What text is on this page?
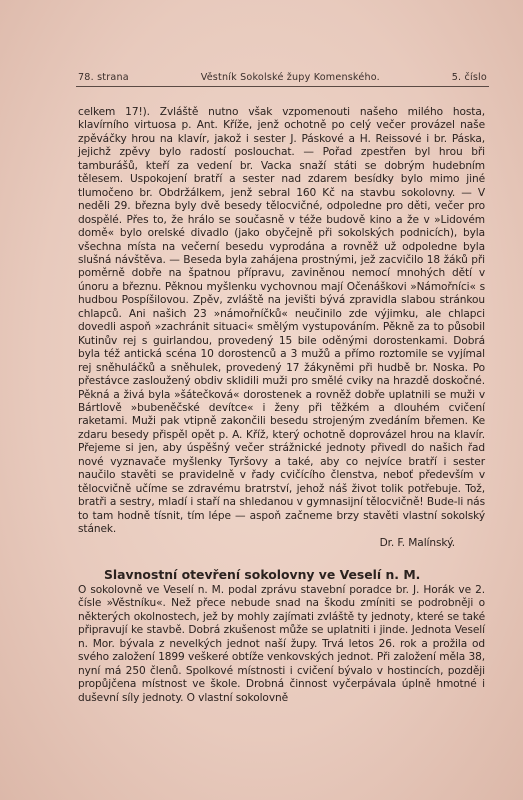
78. strana	Věstník Sokolské župy Komenského.	5. číslo

celkem 17!). Zvláště nutno však vzpomenouti našeho milého hosta, klavírního virtuosa p. Ant. Kříže, jenž ochotně po celý večer provázel naše zpěváčky hrou na klavír, jakož i sester J. Páskové a H. Reissové i br. Páska, jejichž zpěvy bylo radostí poslouchat. — Pořad zpestřen byl hrou bři tamburášů, kteří za vedení br. Vacka snaží státi se dobrým hudebním tělesem. Uspokojení bratří a sester nad zdarem besídky bylo mimo jiné tlumočeno br. Obdržálkem, jenž sebral 160 Kč na stavbu sokolovny. — V neděli 29. března byly dvě besedy tělocvičné, odpoledne pro děti, večer pro dospělé. Přes to, že hrálo se současně v téže budově kino a že v »Lidovém domě« bylo orelské divadlo (jako obyčejně při sokolských podnicích), byla všechna místa na večerní besedu vyprodána a rovněž už odpoledne byla slušná návštěva. — Beseda byla zahájena prostnými, jež zacvičilo 18 žáků při poměrně dobře na špatnou přípravu, zaviněnou nemocí mnohých dětí v únoru a březnu. Pěknou myšlenku vychovnou mají Očenáškovi »Námořníci« s hudbou Pospíšilovou. Zpěv, zvláště na jevišti bývá zpravidla slabou stránkou chlapců. Ani našich 23 »námořníčků« neučinilo zde výjimku, ale chlapci dovedli aspoň »zachránit situaci« smělým vystupováním. Pěkně za to působil Kutinův rej s guirlandou, provedený 15 bile oděnými dorostenkami. Dobrá byla též antická scéna 10 dorostenců a 3 mužů a přímo roztomile se vyjímal rej sněhuláčků a sněhulek, provedený 17 žákyněmi při hudbě br. Noska. Po přestávce zasloužený obdiv sklidili muži pro smělé cviky na hrazdě doskočné. Pěkná a živá byla »šátečková« dorostenek a rovněž dobře uplatnili se muži v Bártlově »bubeněčské devítce« i ženy při těžkém a dlouhém cvičení raketami. Muži pak vtipně zakončili besedu strojeným zvedáním břemen. Ke zdaru besedy přispěl opět p. A. Kříž, který ochotně doprovázel hrou na klavír. Přejeme si jen, aby úspěšný večer strážnické jednoty přivedl do našich řad nové vyznavače myšlenky Tyršovy a také, aby co nejvíce bratří i sester naučilo stavěti se pravidelně v řady cvičícího členstva, neboť především v tělocvičně učíme se zdravému bratrství, jehož náš život tolik potřebuje. Tož, bratři a sestry, mladí i staří na shledanou v gymnasijní tělocvičně! Bude-li nás to tam hodně tísnit, tím lépe — aspoň začneme brzy stavěti vlastní sokolský stánek.
Dr. F. Malínský.

Slavnostní otevření sokolovny ve Veselí n. M.

O sokolovně ve Veselí n. M. podal zprávu stavební poradce br. J. Horák ve 2. čísle »Věstníku«. Než přece nebude snad na škodu zmíniti se podrobněji o některých okolnostech, jež by mohly zajímati zvláště ty jednoty, které se také připravují ke stavbě. Dobrá zkušenost může se uplatniti i jinde. Jednota Veselí n. Mor. bývala z nevelkých jednot naší župy. Trvá letos 26. rok a prožila od svého založení 1899 veškeré obtíže venkovských jednot. Při založení měla 38, nyní má 250 členů. Spolkové místnosti i cvičení bývalo v hostincích, později propůjčena místnost ve škole. Drobná činnost vyčerpávala úplně hmotné i duševní síly jednoty. O vlastní sokolovně
